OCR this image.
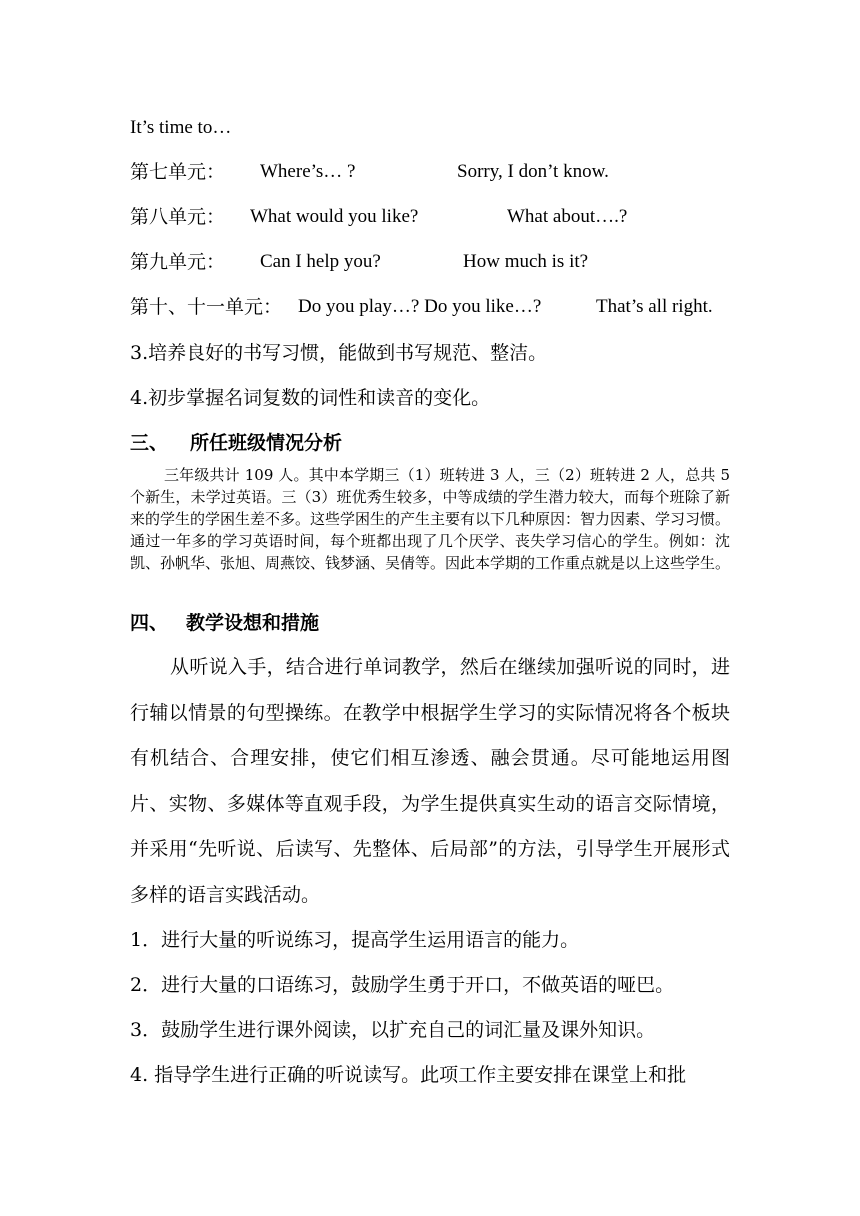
It’s time to…
第七单元： Where’s… ?	Sorry, I don’t know.
第八单元： What would you like?	What about….?
第九单元： Can I help you?	How much is it?
第十、十一单元： Do you play…? Do you like…?	That’s all right.
3.培养良好的书写习惯，能做到书写规范、整洁。
4.初步掌握名词复数的词性和读音的变化。
三、 所任班级情况分析
三年级共计 109 人。其中本学期三（1）班转进 3 人，三（2）班转进 2 人，总共 5 个新生，未学过英语。三（3）班优秀生较多，中等成绩的学生潜力较大，而每个班除了新来的学生的学困生差不多。这些学困生的产生主要有以下几种原因：智力因素、学习习惯。通过一年多的学习英语时间，每个班都出现了几个厌学、丧失学习信心的学生。例如：沈凯、孙帆华、张旭、周燕饺、钱梦涵、吴倩等。因此本学期的工作重点就是以上这些学生。
四、 教学设想和措施
从听说入手，结合进行单词教学，然后在继续加强听说的同时，进行辅以情景的句型操练。在教学中根据学生学习的实际情况将各个板块有机结合、合理安排，使它们相互渗透、融会贯通。尽可能地运用图片、实物、多媒体等直观手段，为学生提供真实生动的语言交际情境，并采用“先听说、后读写、先整体、后局部”的方法，引导学生开展形式多样的语言实践活动。
1．进行大量的听说练习，提高学生运用语言的能力。
2．进行大量的口语练习，鼓励学生勇于开口，不做英语的哑巴。
3．鼓励学生进行课外阅读，以扩充自己的词汇量及课外知识。
4. 指导学生进行正确的听说读写。此项工作主要安排在课堂上和批
